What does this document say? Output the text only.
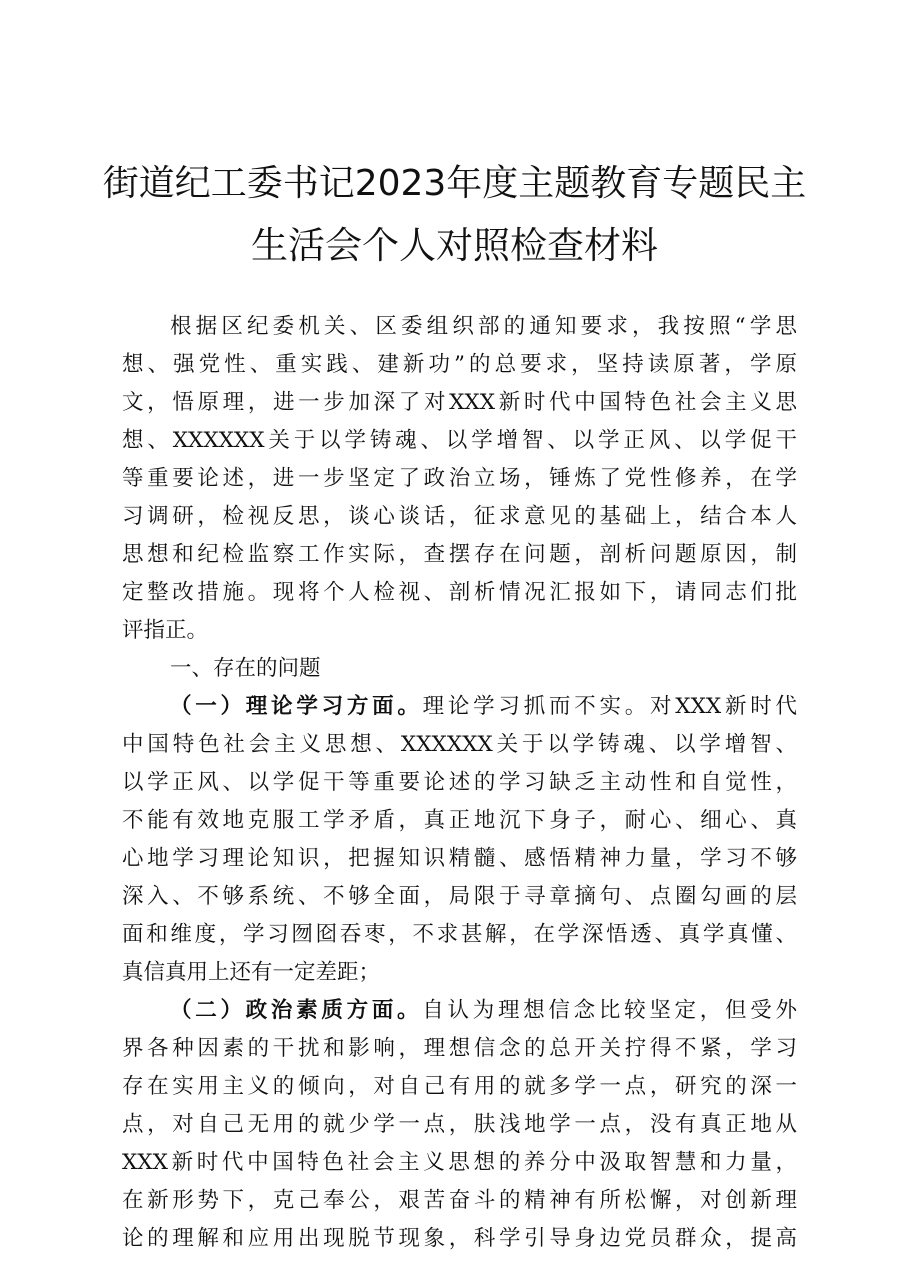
街道纪工委书记2023年度主题教育专题民主
生活会个人对照检查材料
根据区纪委机关、区委组织部的通知要求，我按照“学思
想、强党性、重实践、建新功”的总要求，坚持读原著，学原
文，悟原理，进一步加深了对XXX新时代中国特色社会主义思
想、XXXXXX关于以学铸魂、以学增智、以学正风、以学促干
等重要论述，进一步坚定了政治立场，锤炼了党性修养，在学
习调研，检视反思，谈心谈话，征求意见的基础上，结合本人
思想和纪检监察工作实际，查摆存在问题，剖析问题原因，制
定整改措施。现将个人检视、剖析情况汇报如下，请同志们批
评指正。
一、存在的问题
（一）理论学习方面。理论学习抓而不实。对XXX新时代
中国特色社会主义思想、XXXXXX关于以学铸魂、以学增智、
以学正风、以学促干等重要论述的学习缺乏主动性和自觉性，
不能有效地克服工学矛盾，真正地沉下身子，耐心、细心、真
心地学习理论知识，把握知识精髓、感悟精神力量，学习不够
深入、不够系统、不够全面，局限于寻章摘句、点圈勾画的层
面和维度，学习囫囵吞枣，不求甚解，在学深悟透、真学真懂、
真信真用上还有一定差距；
（二）政治素质方面。自认为理想信念比较坚定，但受外
界各种因素的干扰和影响，理想信念的总开关拧得不紧，学习
存在实用主义的倾向，对自己有用的就多学一点，研究的深一
点，对自己无用的就少学一点，肤浅地学一点，没有真正地从
XXX新时代中国特色社会主义思想的养分中汲取智慧和力量，
在新形势下，克己奉公，艰苦奋斗的精神有所松懈，对创新理
论的理解和应用出现脱节现象，科学引导身边党员群众，提高
